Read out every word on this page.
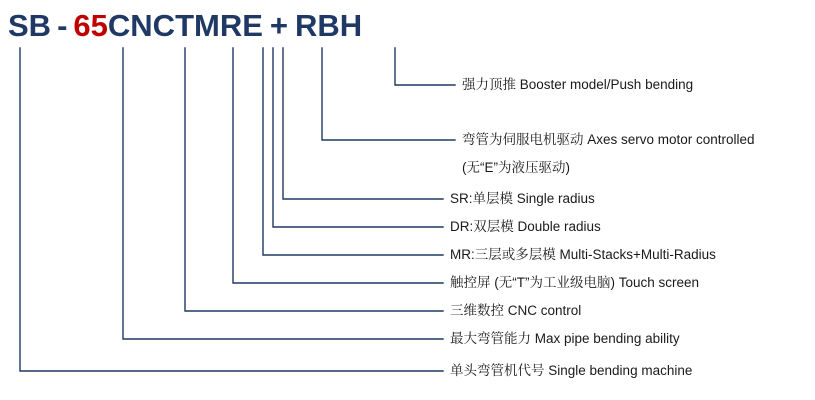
SB - 65CNCTMRE + RBH
强力顶推 Booster model/Push bending
弯管为伺服电机驱动 Axes servo motor controlled
(无“E”为液压驱动)
SR:单层模 Single radius
DR:双层模 Double radius
MR:三层或多层模 Multi-Stacks+Multi-Radius
触控屏 (无“T”为工业级电脑) Touch screen
三维数控 CNC control
最大弯管能力 Max pipe bending ability
单头弯管机代号 Single bending machine
